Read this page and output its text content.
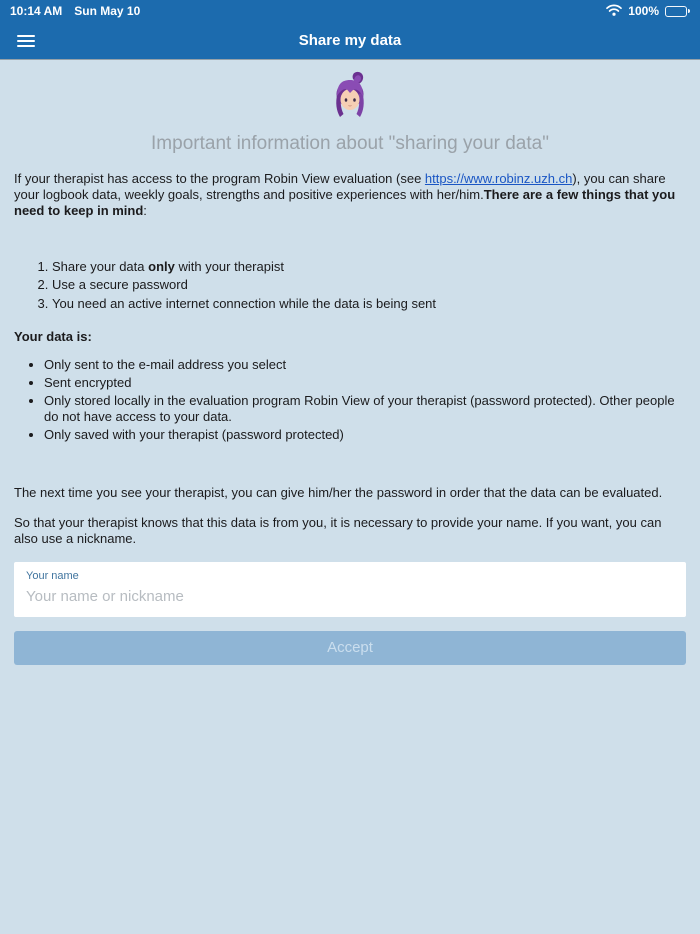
10:14 AM Sun May 10	100%
Share my data
Important information about "sharing your data"

If your therapist has access to the program Robin View evaluation (see https://www.robinz.uzh.ch), you can share your logbook data, weekly goals, strengths and positive experiences with her/him.There are a few things that you need to keep in mind:

1. Share your data only with your therapist
2. Use a secure password
3. You need an active internet connection while the data is being sent

Your data is:

• Only sent to the e-mail address you select
• Sent encrypted
• Only stored locally in the evaluation program Robin View of your therapist (password protected). Other people do not have access to your data.
• Only saved with your therapist (password protected)

The next time you see your therapist, you can give him/her the password in order that the data can be evaluated.

So that your therapist knows that this data is from you, it is necessary to provide your name. If you want, you can also use a nickname.

Your name
Your name or nickname
Accept
